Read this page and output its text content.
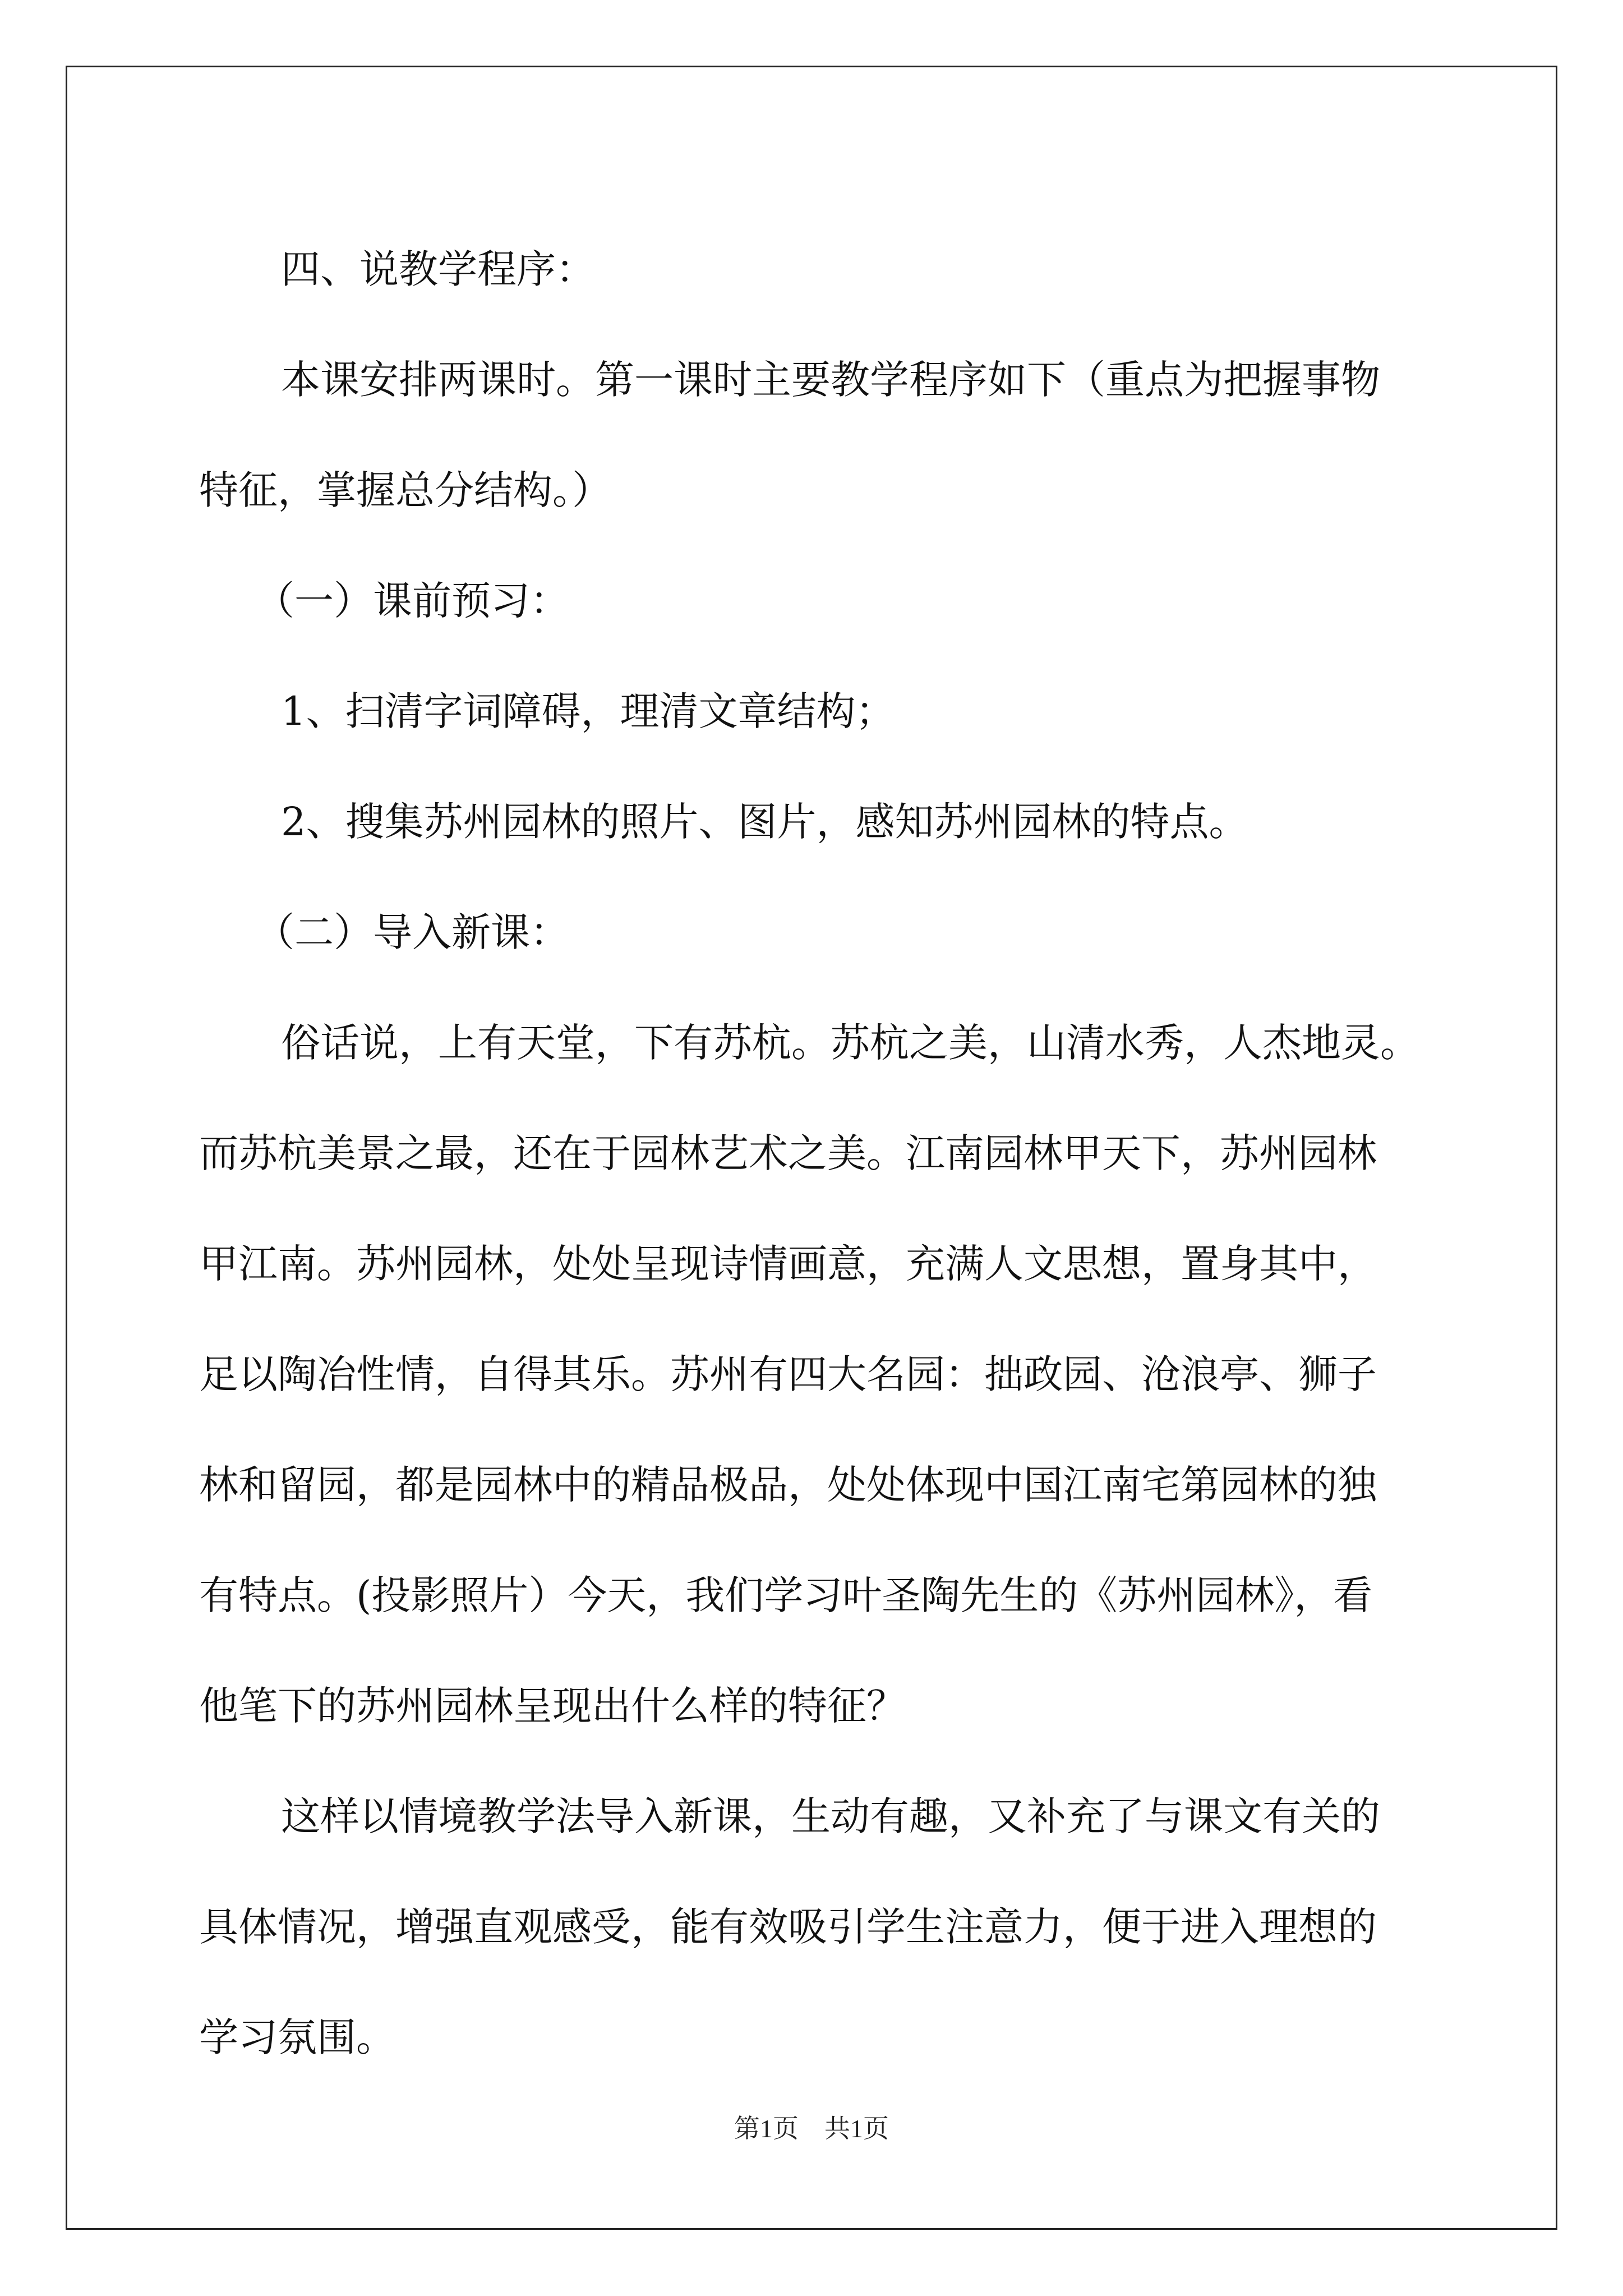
四、说教学程序：
本课安排两课时。第一课时主要教学程序如下（重点为把握事物
特征，掌握总分结构。）
（一）课前预习：
1、扫清字词障碍，理清文章结构；
2、搜集苏州园林的照片、图片，感知苏州园林的特点。
（二）导入新课：
俗话说，上有天堂，下有苏杭。苏杭之美，山清水秀，人杰地灵。
而苏杭美景之最，还在于园林艺术之美。江南园林甲天下，苏州园林
甲江南。苏州园林，处处呈现诗情画意，充满人文思想，置身其中，
足以陶冶性情，自得其乐。苏州有四大名园：拙政园、沧浪亭、狮子
林和留园，都是园林中的精品极品，处处体现中国江南宅第园林的独
有特点。(投影照片）今天，我们学习叶圣陶先生的《苏州园林》，看
他笔下的苏州园林呈现出什么样的特征？
这样以情境教学法导入新课，生动有趣，又补充了与课文有关的
具体情况，增强直观感受，能有效吸引学生注意力，便于进入理想的
学习氛围。
第1页　共1页
